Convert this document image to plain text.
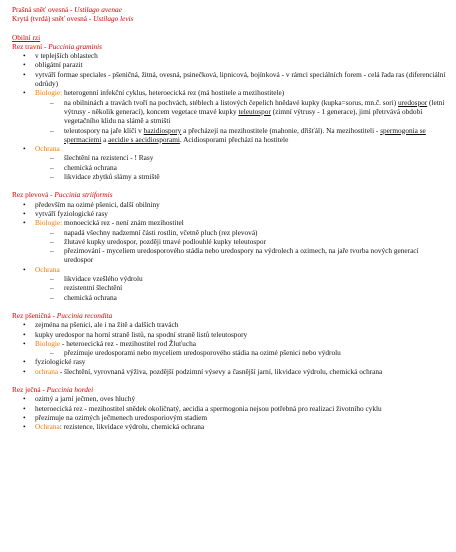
Prašná sněť ovesná - Ustilago avenae
Krytá (tvrdá) sněť ovesná - Ustilago levis
Obilní rzi
Rez travní - Puccinia graminis
• v teplejších oblastech
• obligátní parazit
• vytváří formae speciales - pšeničná, žitná, ovesná, psinečková, lipnicová, bojínková - v rámci speciálních forem - celá řada ras (diferenciální odrůdy)
• Biologie: heterogenní infekční cyklus, heteroecická rez (má hostitele a mezihostitele)
– na obilninách a travách tvoří na pochvách, stéblech a listových čepelích hnědavé kupky (kupka=sorus, mn.č. sori) uredospor (letní výtrusy - několik generací), koncem vegetace tmavé kupky teleutospor (zimní výtrusy - 1 generace), jimi přetrvává období vegetačního klidu na slámě a strništi
– teleutospory na jaře klíčí v bazidiospory a přecházejí na mezihostitele (mahonie, dřišťál). Na mezihostiteli - spermogonia se spermaciemi a aecidie s aecidiosporami. Acidiosporami přechází na hostitele
• Ochrana
– šlechtění na rezistenci - ! Rasy
– chemická ochrana
– likvidace zbytků slámy a strniště
Rez plevová - Puccinia striiformis
• především na ozimé pšenici, další obilniny
• vytváří fyziologické rasy
• Biologie: monoecická rez - není znám mezihostitel
– napadá všechny nadzemní části rostlin, včetně pluch (rez plevová)
– žlutavé kupky uredospor, později tmavé podlouhlé kupky teleutospor
– přezimování - myceliem uredosporového stádia nebo uredospory na výdrolech a ozimech, na jaře tvorba nových generací uredospor
• Ochrana
– likvidace vzešlého výdrolu
– rezistentní šlechtění
– chemická ochrana
Rez pšeničná - Puccinia recondita
• zejména na pšenici, ale i na žitě a dalších travách
• kupky uredospor na horní straně listů, na spodní straně listů teleutospory
• Biologie - heteroecická rez - mezihostitel rod Žluťucha
– přezimuje uredosporami nebo myceliem uredosporového stádia na ozimé pšenici nebo výdrolu
• fyziologické rasy
• ochrana - šlechtění, vyrovnaná výživa, pozdější podzimní výsevy a časnější jarní, likvidace výdrolu, chemická ochrana
Rez ječná - Puccinia hordei
• ozimý a jarní ječmen, oves hluchý
• heteroecická rez - mezihostitel snědek okoličnatý, aecidia a spermogonia nejsou potřebná pro realizaci životního cyklu
• přezimuje na ozimých ječmenech uredosporiovým stadiem
• Ochrana: rezistence, likvidace výdrolu, chemická ochrana
